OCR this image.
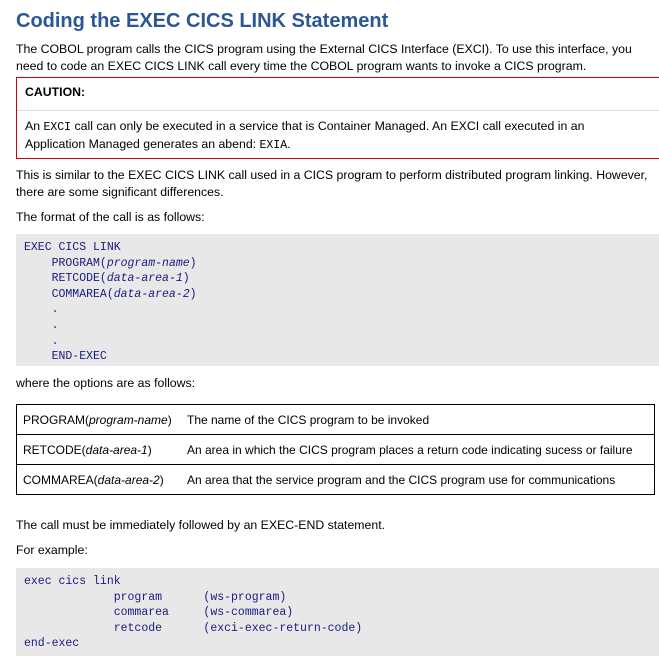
Coding the EXEC CICS LINK Statement
The COBOL program calls the CICS program using the External CICS Interface (EXCI). To use this interface, you need to code an EXEC CICS LINK call every time the COBOL program wants to invoke a CICS program.
CAUTION:
An EXCI call can only be executed in a service that is Container Managed. An EXCI call executed in an Application Managed generates an abend: EXIA.
This is similar to the EXEC CICS LINK call used in a CICS program to perform distributed program linking. However, there are some significant differences.
The format of the call is as follows:
EXEC CICS LINK
PROGRAM(program-name)
RETCODE(data-area-1)
COMMAREA(data-area-2)
.
.
.
END-EXEC
where the options are as follows:
PROGRAM(program-name)	The name of the CICS program to be invoked
RETCODE(data-area-1)	An area in which the CICS program places a return code indicating sucess or failure
COMMAREA(data-area-2)	An area that the service program and the CICS program use for communications
The call must be immediately followed by an EXEC-END statement.
For example:
exec cics link
program      (ws-program)
commarea     (ws-commarea)
retcode      (exci-exec-return-code)
end-exec
